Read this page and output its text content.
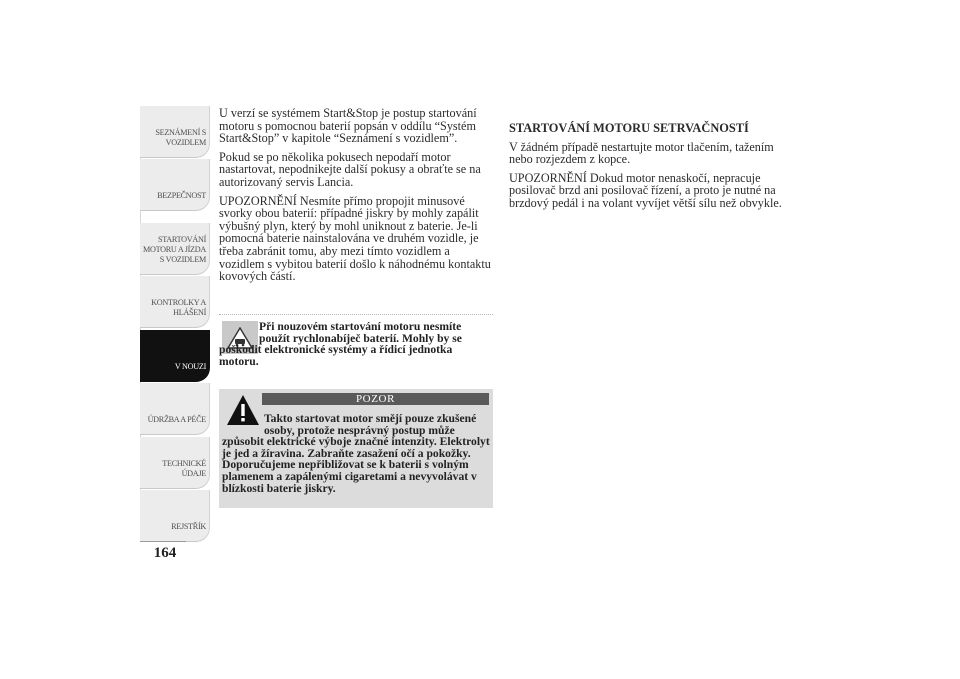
SEZNÁMENÍ S
VOZIDLEM
BEZPEČNOST
STARTOVÁNÍ
MOTORU A JÍZDA
S VOZIDLEM
KONTROLKY A
HLÁŠENÍ
V NOUZI
ÚDRŽBA A PÉČE
TECHNICKÉ
ÚDAJE
REJSTŘÍK
164

U verzí se systémem Start&Stop je postup startování motoru s pomocnou baterií popsán v oddílu “Systém Start&Stop” v kapitole “Seznámení s vozidlem”.

Pokud se po několika pokusech nepodaří motor nastartovat, nepodnikejte další pokusy a obraťte se na autorizovaný servis Lancia.

UPOZORNĚNÍ Nesmíte přímo propojit minusové svorky obou baterií: případné jiskry by mohly zapálit výbušný plyn, který by mohl uniknout z baterie. Je-li pomocná baterie nainstalována ve druhém vozidle, je třeba zabránit tomu, aby mezi tímto vozidlem a vozidlem s vybitou baterií došlo k náhodnému kontaktu kovových částí.

Při nouzovém startování motoru nesmíte použít rychlonabíječ baterií. Mohly by se poškodit elektronické systémy a řídicí jednotka motoru.
POZOR
Takto startovat motor smějí pouze zkušené osoby, protože nesprávný postup může způsobit elektrické výboje značné intenzity. Elektrolyt je jed a žíravina. Zabraňte zasažení očí a pokožky. Doporučujeme nepřibližovat se k baterii s volným plamenem a zapálenými cigaretami a nevyvolávat v blízkosti baterie jiskry.
STARTOVÁNÍ MOTORU SETRVAČNOSTÍ

V žádném případě nestartujte motor tlačením, tažením nebo rozjezdem z kopce.

UPOZORNĚNÍ Dokud motor nenaskočí, nepracuje posilovač brzd ani posilovač řízení, a proto je nutné na brzdový pedál i na volant vyvíjet větší sílu než obvykle.
